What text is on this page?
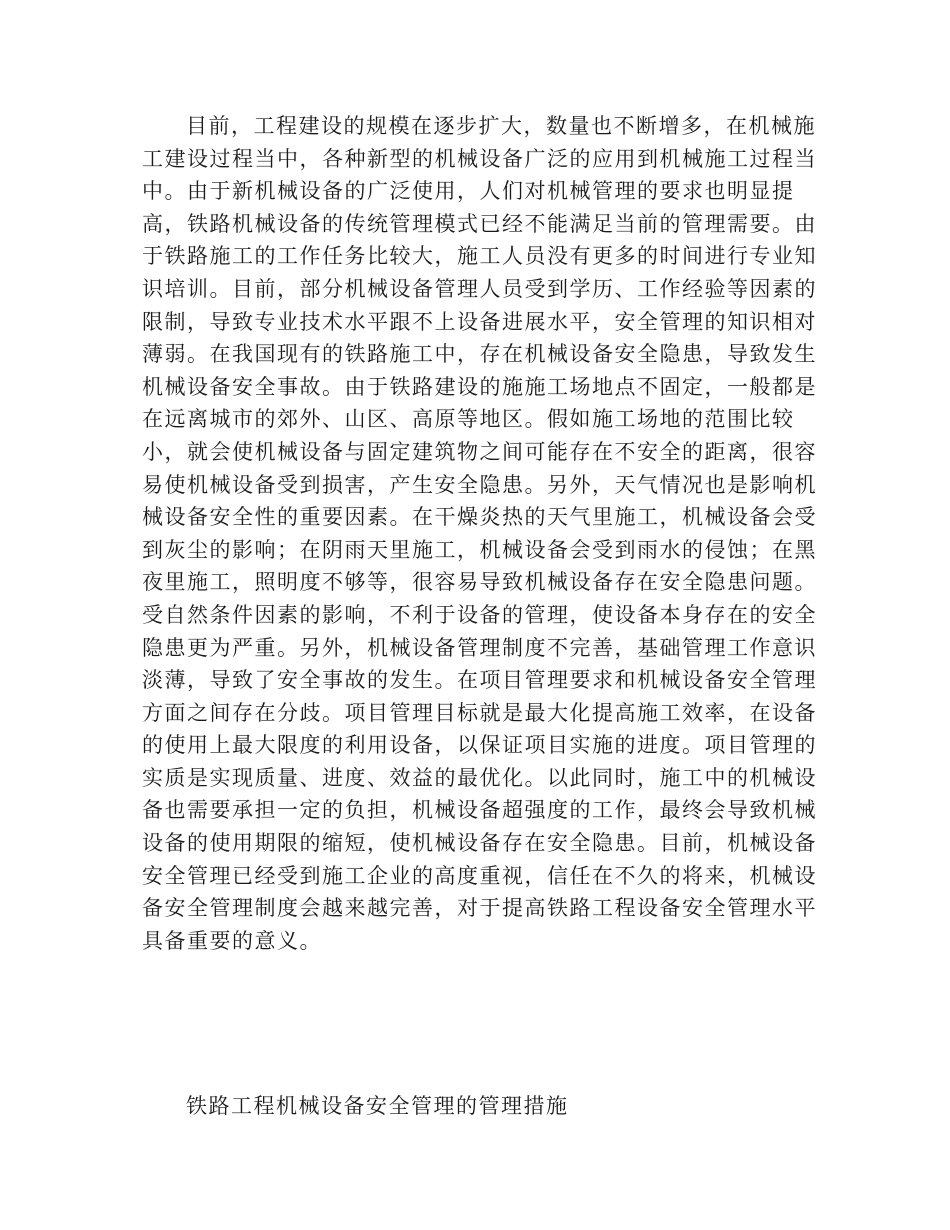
目前，工程建设的规模在逐步扩大，数量也不断增多，在机械施
工建设过程当中，各种新型的机械设备广泛的应用到机械施工过程当
中。由于新机械设备的广泛使用，人们对机械管理的要求也明显提
高，铁路机械设备的传统管理模式已经不能满足当前的管理需要。由
于铁路施工的工作任务比较大，施工人员没有更多的时间进行专业知
识培训。目前，部分机械设备管理人员受到学历、工作经验等因素的
限制，导致专业技术水平跟不上设备进展水平，安全管理的知识相对
薄弱。在我国现有的铁路施工中，存在机械设备安全隐患，导致发生
机械设备安全事故。由于铁路建设的施施工场地点不固定，一般都是
在远离城市的郊外、山区、高原等地区。假如施工场地的范围比较
小，就会使机械设备与固定建筑物之间可能存在不安全的距离，很容
易使机械设备受到损害，产生安全隐患。另外，天气情况也是影响机
械设备安全性的重要因素。在干燥炎热的天气里施工，机械设备会受
到灰尘的影响；在阴雨天里施工，机械设备会受到雨水的侵蚀；在黑
夜里施工，照明度不够等，很容易导致机械设备存在安全隐患问题。
受自然条件因素的影响，不利于设备的管理，使设备本身存在的安全
隐患更为严重。另外，机械设备管理制度不完善，基础管理工作意识
淡薄，导致了安全事故的发生。在项目管理要求和机械设备安全管理
方面之间存在分歧。项目管理目标就是最大化提高施工效率，在设备
的使用上最大限度的利用设备，以保证项目实施的进度。项目管理的
实质是实现质量、进度、效益的最优化。以此同时，施工中的机械设
备也需要承担一定的负担，机械设备超强度的工作，最终会导致机械
设备的使用期限的缩短，使机械设备存在安全隐患。目前，机械设备
安全管理已经受到施工企业的高度重视，信任在不久的将来，机械设
备安全管理制度会越来越完善，对于提高铁路工程设备安全管理水平
具备重要的意义。
铁路工程机械设备安全管理的管理措施
